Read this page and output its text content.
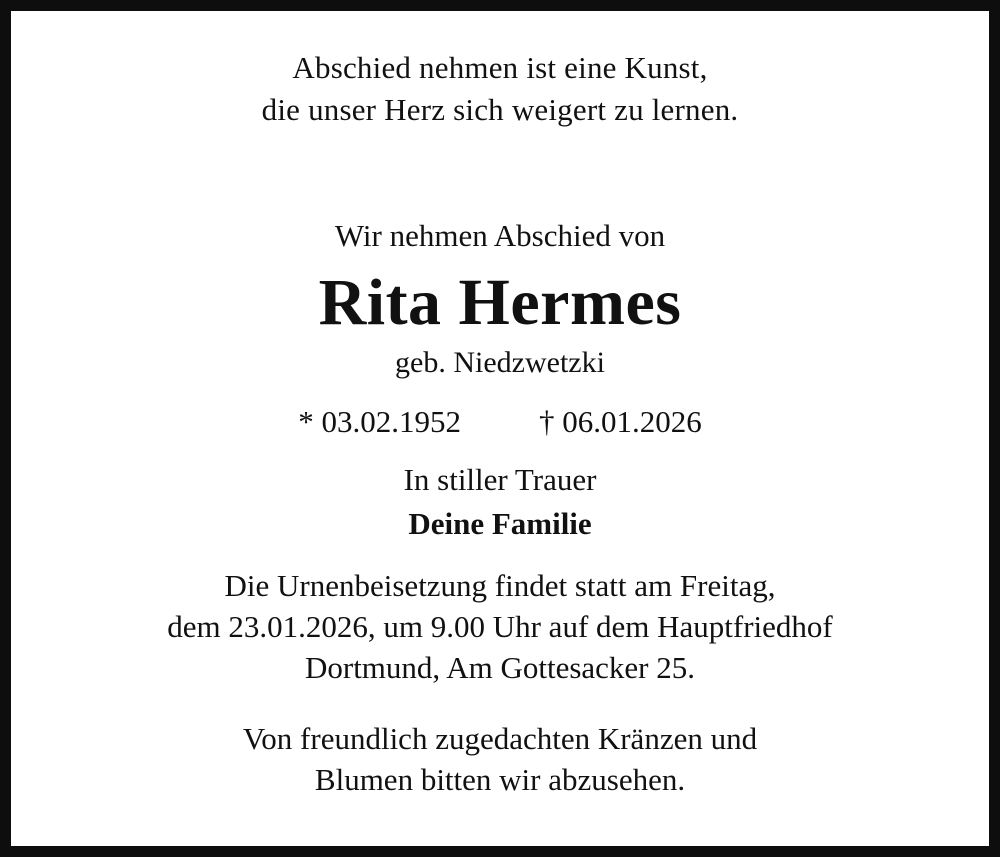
Abschied nehmen ist eine Kunst,
die unser Herz sich weigert zu lernen.
Wir nehmen Abschied von
Rita Hermes
geb. Niedzwetzki
* 03.02.1952	† 06.01.2026
In stiller Trauer
Deine Familie
Die Urnenbeisetzung findet statt am Freitag,
dem 23.01.2026, um 9.00 Uhr auf dem Hauptfriedhof
Dortmund, Am Gottesacker 25.
Von freundlich zugedachten Kränzen und
Blumen bitten wir abzusehen.
